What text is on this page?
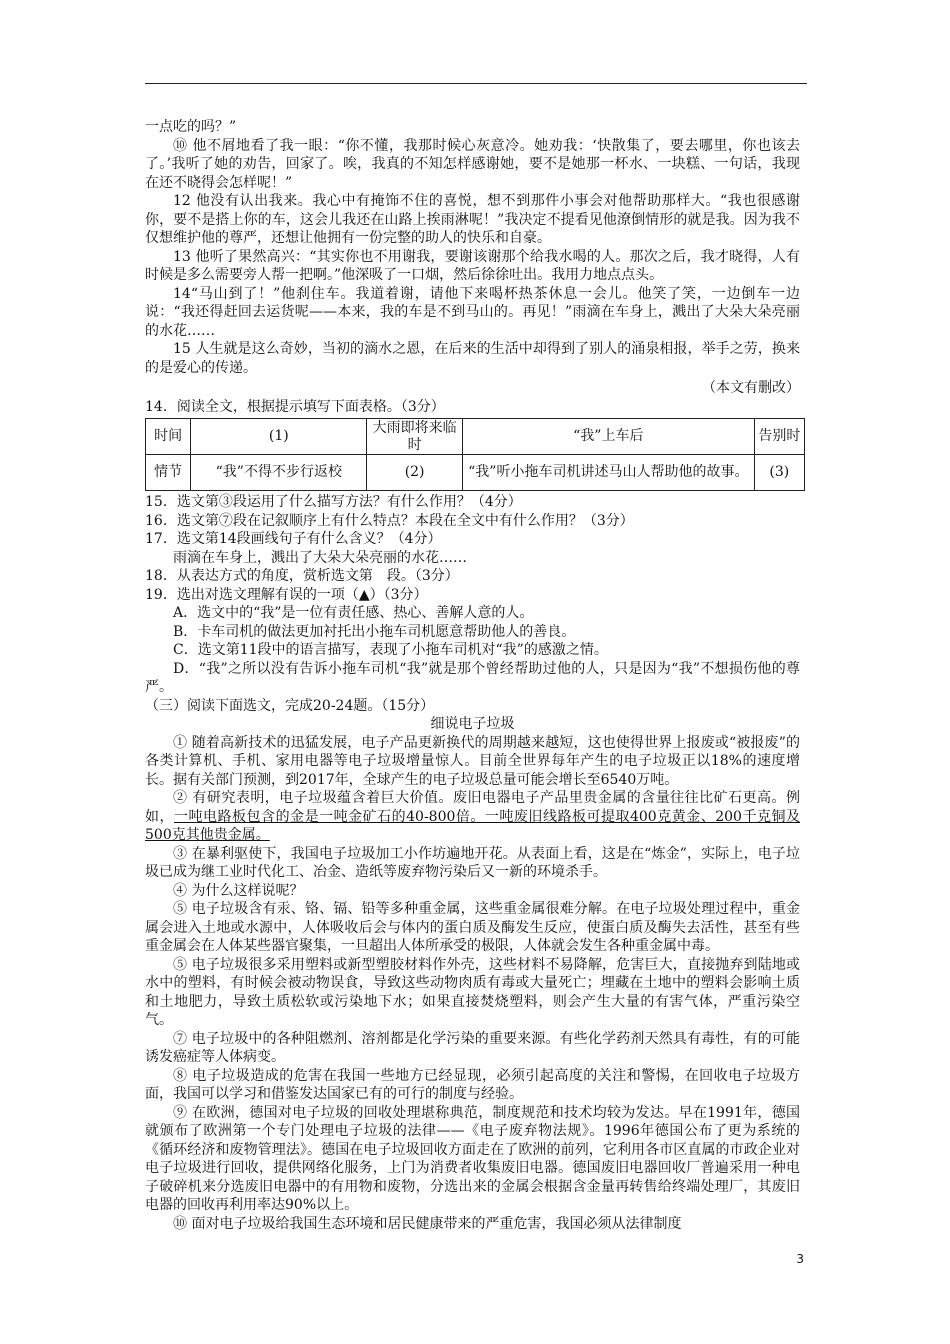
一点吃的吗？”

⑩ 他不屑地看了我一眼：“你不懂，我那时候心灰意冷。她劝我：‘快散集了，要去哪里，你也该去了。’我听了她的劝告，回家了。唉，我真的不知怎样感谢她，要不是她那一杯水、一块糕、一句话，我现在还不晓得会怎样呢！”

12 他没有认出我来。我心中有掩饰不住的喜悦，想不到那件小事会对他帮助那样大。“我也很感谢你，要不是搭上你的车，这会儿我还在山路上挨雨淋呢！”我决定不提看见他潦倒情形的就是我。因为我不仅想维护他的尊严，还想让他拥有一份完整的助人的快乐和自豪。

13 他听了果然高兴：“其实你也不用谢我，要谢该谢那个给我水喝的人。那次之后，我才晓得，人有时候是多么需要旁人帮一把啊。”他深吸了一口烟，然后徐徐吐出。我用力地点点头。

14“马山到了！”他刹住车。我道着谢，请他下来喝杯热茶休息一会儿。他笑了笑，一边倒车一边说：“我还得赶回去运货呢——本来，我的车是不到马山的。再见！”雨滴在车身上，溅出了大朵大朵亮丽的水花……

15 人生就是这么奇妙，当初的滴水之恩，在后来的生活中却得到了别人的涌泉相报，举手之劳，换来的是爱心的传递。

（本文有删改）

14．阅读全文，根据提示填写下面表格。（3分）

时间	(1)	大雨即将来临时	“我”上车后	告别时
情节	“我”不得不步行返校	(2)	“我”听小拖车司机讲述马山人帮助他的故事。	(3)

15．选文第③段运用了什么描写方法？有什么作用？（4分）

16．选文第⑦段在记叙顺序上有什么特点？本段在全文中有什么作用？（3分）

17．选文第14段画线句子有什么含义？（4分）

雨滴在车身上，溅出了大朵大朵亮丽的水花……

18．从表达方式的角度，赏析选文第　段。（3分）

19．选出对选文理解有误的一项（▲）（3分）

A．选文中的“我”是一位有责任感、热心、善解人意的人。

B．卡车司机的做法更加衬托出小拖车司机愿意帮助他人的善良。

C．选文第11段中的语言描写，表现了小拖车司机对“我”的感激之情。

D．“我”之所以没有告诉小拖车司机“我”就是那个曾经帮助过他的人，只是因为“我”不想损伤他的尊严。

（三）阅读下面选文，完成20-24题。（15分）

细说电子垃圾

① 随着高新技术的迅猛发展，电子产品更新换代的周期越来越短，这也使得世界上报废或“被报废”的各类计算机、手机、家用电器等电子垃圾增量惊人。目前全世界每年产生的电子垃圾正以18%的速度增长。据有关部门预测，到2017年，全球产生的电子垃圾总量可能会增长至6540万吨。

② 有研究表明，电子垃圾蕴含着巨大价值。废旧电器电子产品里贵金属的含量往往比矿石更高。例如，一吨电路板包含的金是一吨金矿石的40-800倍。一吨废旧线路板可提取400克黄金、200千克铜及500克其他贵金属。

③ 在暴利驱使下，我国电子垃圾加工小作坊遍地开花。从表面上看，这是在“炼金”，实际上，电子垃圾已成为继工业时代化工、冶金、造纸等废弃物污染后又一新的环境杀手。

④ 为什么这样说呢？

⑤ 电子垃圾含有汞、铬、镉、铅等多种重金属，这些重金属很难分解。在电子垃圾处理过程中，重金属会进入土地或水源中，人体吸收后会与体内的蛋白质及酶发生反应，使蛋白质及酶失去活性，甚至有些重金属会在人体某些器官聚集，一旦超出人体所承受的极限，人体就会发生各种重金属中毒。

⑤ 电子垃圾很多采用塑料或新型塑胶材料作外壳，这些材料不易降解，危害巨大，直接抛弃到陆地或水中的塑料，有时候会被动物误食，导致这些动物肉质有毒或大量死亡；埋藏在土地中的塑料会影响土质和土地肥力，导致土质松软或污染地下水；如果直接焚烧塑料，则会产生大量的有害气体，严重污染空气。

⑦ 电子垃圾中的各种阻燃剂、溶剂都是化学污染的重要来源。有些化学药剂天然具有毒性，有的可能诱发癌症等人体病变。

⑧ 电子垃圾造成的危害在我国一些地方已经显现，必须引起高度的关注和警惕，在回收电子垃圾方面，我国可以学习和借鉴发达国家已有的可行的制度与经验。

⑨ 在欧洲，德国对电子垃圾的回收处理堪称典范，制度规范和技术均较为发达。早在1991年，德国就颁布了欧洲第一个专门处理电子垃圾的法律——《电子废弃物法规》。1996年德国公布了更为系统的《循环经济和废物管理法》。德国在电子垃圾回收方面走在了欧洲的前列，它利用各市区直属的市政企业对电子垃圾进行回收，提供网络化服务，上门为消费者收集废旧电器。德国废旧电器回收厂普遍采用一种电子破碎机来分选废旧电器中的有用物和废物，分选出来的金属会根据含金量再转售给终端处理厂，其废旧电器的回收再利用率达90%以上。

⑩ 面对电子垃圾给我国生态环境和居民健康带来的严重危害，我国必须从法律制度

3
